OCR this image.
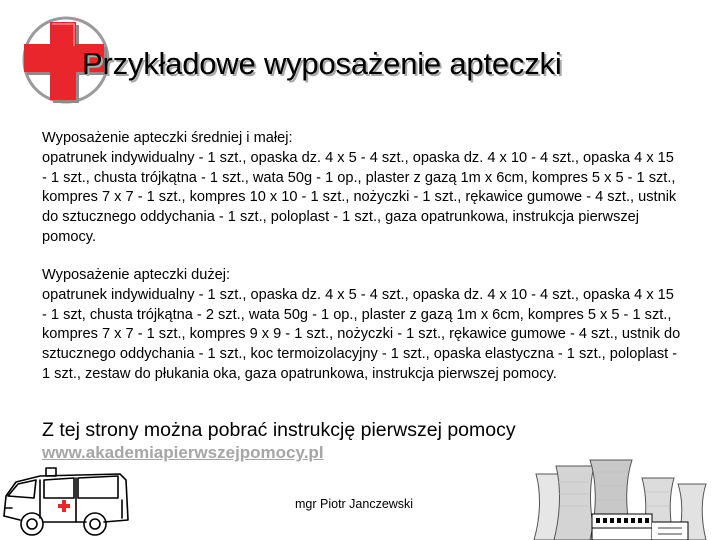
Przykładowe wyposażenie apteczki

Wyposażenie apteczki średniej i małej:
opatrunek indywidualny - 1 szt., opaska dz. 4 x 5 - 4 szt., opaska dz. 4 x 10 - 4 szt., opaska 4 x 15 - 1 szt., chusta trójkątna - 1 szt., wata 50g - 1 op., plaster z gazą 1m x 6cm, kompres 5 x 5 - 1 szt., kompres 7 x 7 - 1 szt., kompres 10 x 10 - 1 szt., nożyczki - 1 szt., rękawice gumowe - 4 szt., ustnik do sztucznego oddychania - 1 szt., poloplast - 1 szt., gaza opatrunkowa, instrukcja pierwszej pomocy.

Wyposażenie apteczki dużej:
opatrunek indywidualny - 1 szt., opaska dz. 4 x 5 - 4 szt., opaska dz. 4 x 10 - 4 szt., opaska 4 x 15 - 1 szt, chusta trójkątna - 2 szt., wata 50g - 1 op., plaster z gazą 1m x 6cm, kompres 5 x 5 - 1 szt., kompres 7 x 7 - 1 szt., kompres 9 x 9 - 1 szt., nożyczki - 1 szt., rękawice gumowe - 4 szt., ustnik do sztucznego oddychania - 1 szt., koc termoizolacyjny - 1 szt., opaska elastyczna - 1 szt., poloplast - 1 szt., zestaw do płukania oka, gaza opatrunkowa, instrukcja pierwszej pomocy.

Z tej strony można pobrać instrukcję pierwszej pomocy

www.akademiapierwszejpomocy.pl
mgr Piotr Janczewski
